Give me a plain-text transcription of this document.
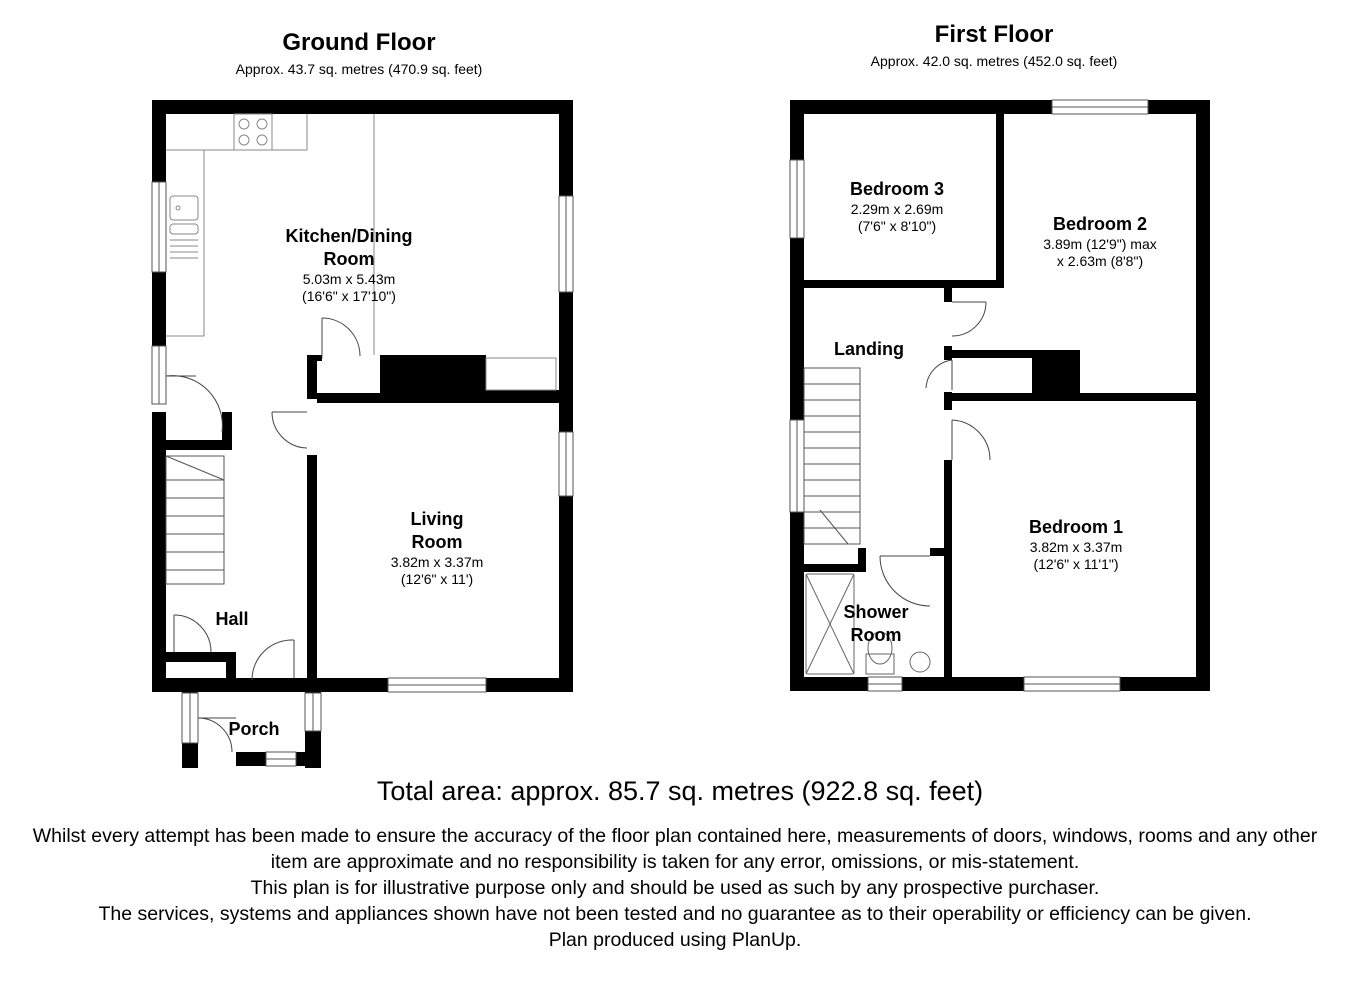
Ground Floor
Approx. 43.7 sq. metres (470.9 sq. feet)
First Floor
Approx. 42.0 sq. metres (452.0 sq. feet)
Kitchen/Dining
Room
5.03m x 5.43m
(16'6" x 17'10")
Living
Room
3.82m x 3.37m
(12'6" x 11')
Hall
Porch
Bedroom 3
2.29m x 2.69m
(7'6" x 8'10")	Bedroom 2
3.89m (12'9") max
x 2.63m (8'8")
Landing
Bedroom 1
3.82m x 3.37m
(12'6" x 11'1")
Shower
Room
Total area: approx. 85.7 sq. metres (922.8 sq. feet)
Whilst every attempt has been made to ensure the accuracy of the floor plan contained here, measurements of doors, windows, rooms and any other item are approximate and no responsibility is taken for any error, omissions, or mis-statement.
This plan is for illustrative purpose only and should be used as such by any prospective purchaser.
The services, systems and appliances shown have not been tested and no guarantee as to their operability or efficiency can be given.
Plan produced using PlanUp.
